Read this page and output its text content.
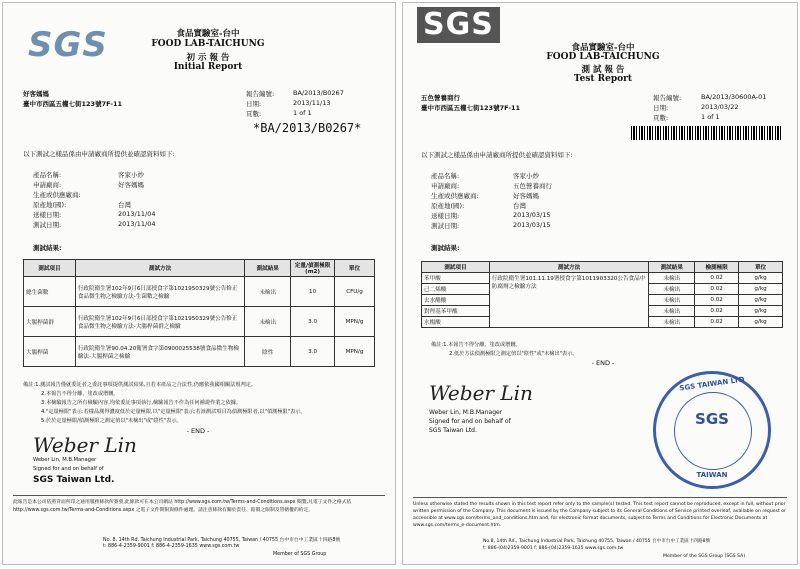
SGS	食品實驗室-台中
FOOD LAB-TAICHUNG
初 示 報 告
Initial Report
好客媽媽
臺中市西區五權七街123號7F-11
報告編號:	BA/2013/B0267
日期:	2013/11/13
頁數:	1 of 1
*BA/2013/B0267*
以下測試之樣品係由申請廠商所提供並確認資料如下:
產品名稱:	客家小炒
申請廠商:	好客媽媽
生產或供應廠商:
原產地(國):	台灣
送樣日期:	2013/11/04
測試日期:	2013/11/04
測試結果:
測試項目	測試方法	測試結果	定量/偵測極限(m2)	單位
總生菌數	行政院衛生署102年9月6日部授食字第1021950329號公告修正食品微生物之檢驗方法-生菌數之檢驗	未檢出	10	CFU/g
大腸桿菌群	行政院衛生署102年9月6日部授食字第1021950329號公告修正食品微生物之檢驗方法-大腸桿菌群之檢驗	未檢出	3.0	MPN/g
大腸桿菌	行政院衛生署90.04.20衛署食字第0900025538號食品微生物檢驗法-大腸桿菌之檢驗	陰性	3.0	MPN/g
備註:1.測試報告僅就委託者之委託事項提供測試結果,且若本產品之合法性,仍應依我國相關法規判定。
2.本報告不得分離、塗改或增刪。
3.本檢驗報告之所有檢驗內容,均依委託事項執行,檢驗報告不作為任何補證作業之依據。
4."定量極限"表示:若樣品測得濃度低於定量極限,以"定量極限"表示;若該測試項目為偵測極限者,以"偵測極限"表示。
5.於於定量極限/偵測極限之測定值以"未檢出"或"陰性"表示。
- END -
Weber Lin
Weber Lin, M.B.Manager
Signed for and on behalf of
SGS Taiwan Ltd.
此報告是本公司依照背面所印之通用服務條款所簽發,此條款可在本公司網站 http://www.sgs.com.tw/Terms-and-Conditions.aspx 閱覽,凡電子文件之格式依 http://www.sgs.com.tw/Terms-and-Conditions.aspx 之電子文件期限與條件處理。請注意條款有關於責任、賠償之限制及管轄權的約定。
No. 8, 14th Rd. Taichung Industrial Park, Taichung 40755, Taiwan / 40755 台中市台中工業區十四路8號
t: 886-4-2359-9001 f: 886-4-2359-1635 www.sgs.com.tw
Member of SGS Group
SGS
食品實驗室-台中
FOOD LAB-TAICHUNG
測 試 報 告
Test Report
五色營養商行
臺中市西區五權七街123號7F-11
報告編號:	BA/2013/30600A-01
日期:	2013/03/22
頁數:	1 of 1
以下測試之樣品係由申請廠商所提供並確認資料如下:
產品名稱:	客家小炒
申請廠商:	五色營養商行
生產或供應廠商:	好客媽媽
原產地(國):	台灣
送樣日期:	2013/03/15
測試日期:	2013/03/15
測試結果:
測試項目	測試方法	測試結果	檢測極限	單位
苯甲酸	行政院衛生署101.11.19署授食字第1011903320公告食品中防腐劑之檢驗方法	未檢出	0.02	g/kg
己二烯酸		未檢出	0.02	g/kg
去水醋酸		未檢出	0.02	g/kg
對羥基苯甲酸		未檢出	0.02	g/kg
水楊酸		未檢出	0.02	g/kg
備註:1.本報告不得分離、塗改或增刪。
2.低於方法偵測極限之測定值以"陰性"或"未檢出"表示。
- END -
Weber Lin
Weber Lin, M.B.Manager
Signed for and on behalf of
SGS Taiwan Ltd.
SGS TAIWAN LTD
SGS
TAIWAN
Unless otherwise stated the results shown in this test report refer only to the sample(s) tested. This test report cannot be reproduced, except in full, without prior written permission of the Company. This document is issued by the Company subject to its General Conditions of Service printed overleaf, available on request or accessible at www.sgs.com/terms_and_conditions.htm and, for electronic format documents, subject to Terms and Conditions for Electronic Documents at www.sgs.com/terms_e-document.htm.
No.8, 14th Rd., Taichung Industrial Park, Taichung 40755, Taiwan / 40755 台中市台中工業區十四路8號
t: 886-(04)2359-9001 f: 886-(04)2359-1635 www.sgs.com.tw
Member of the SGS Group (SGS SA)
